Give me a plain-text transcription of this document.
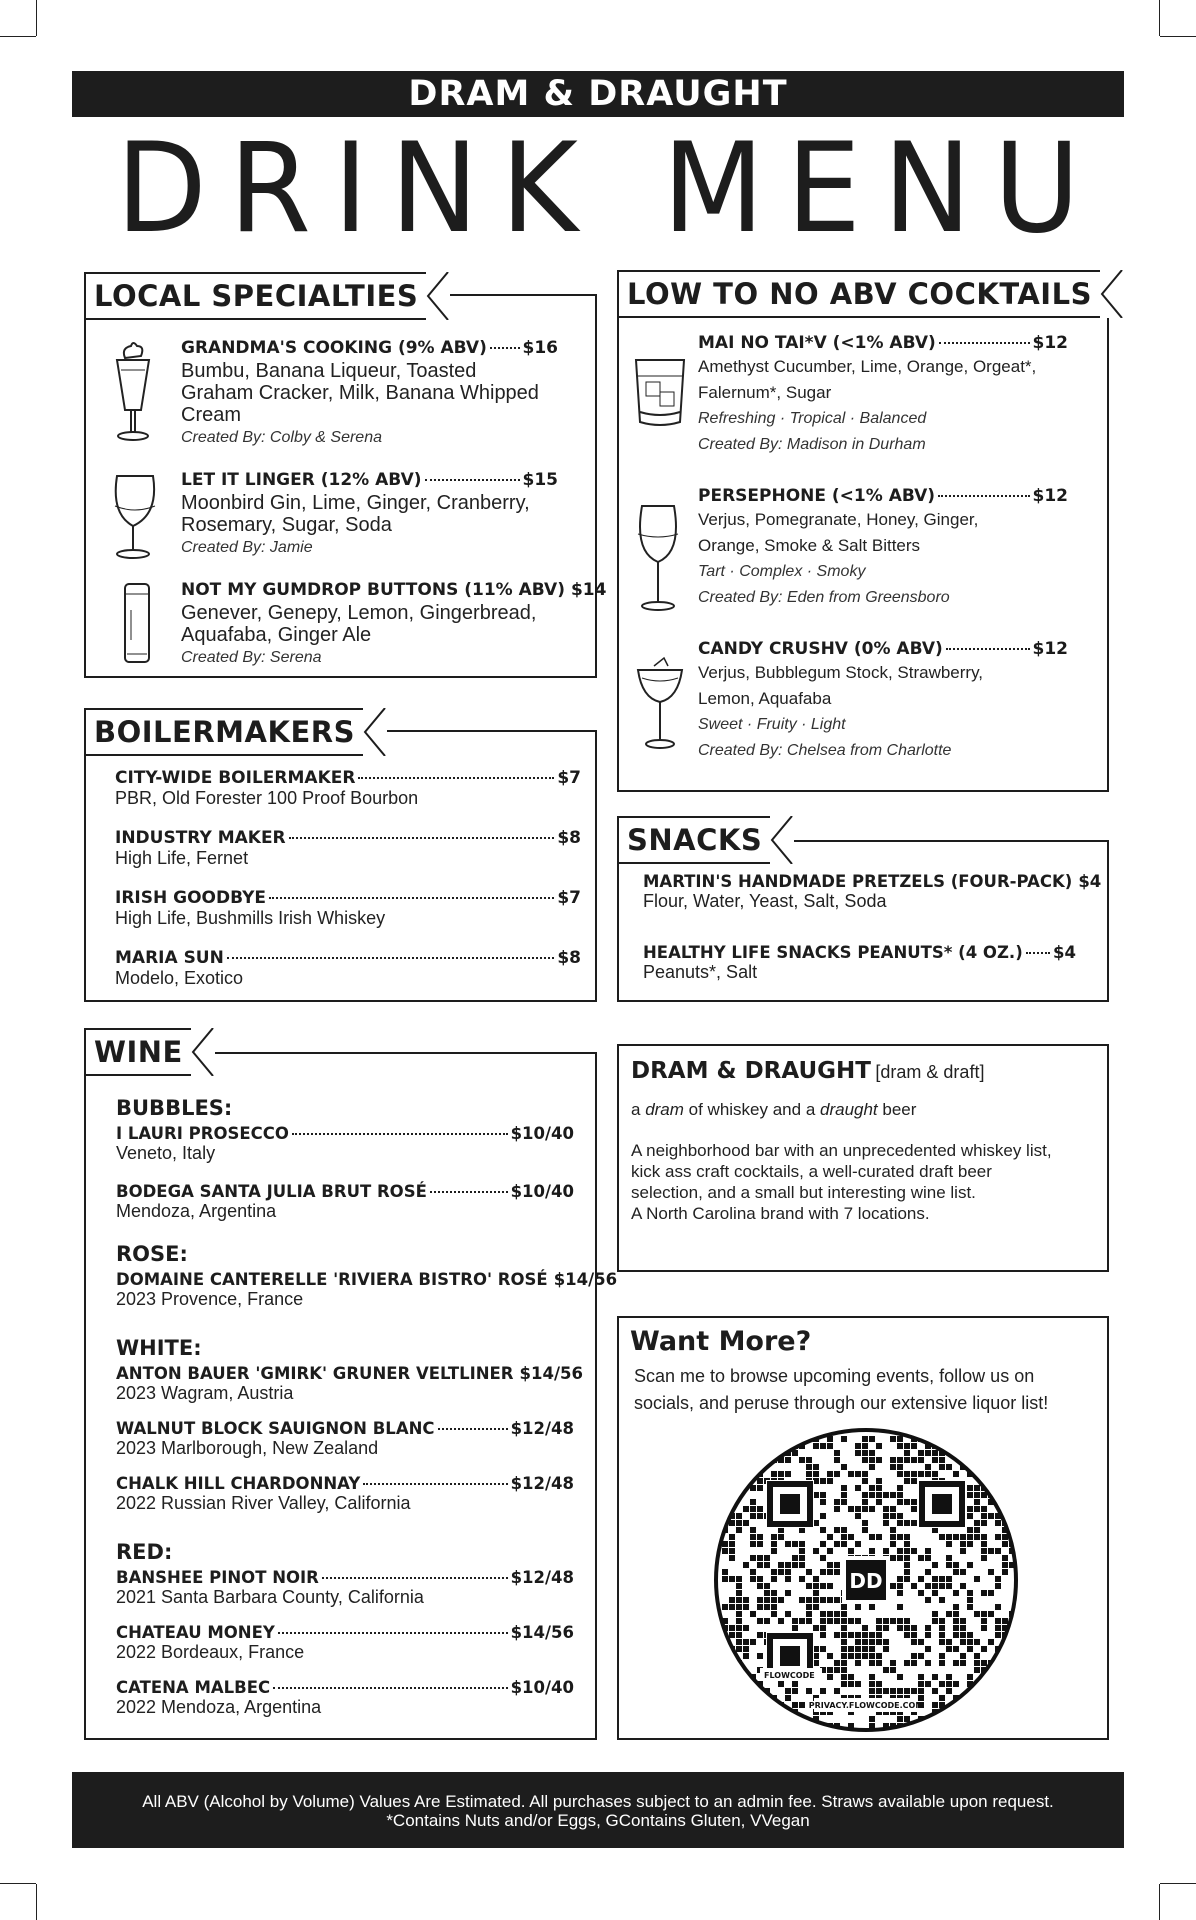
DRAM & DRAUGHT
D R I N K M E N U
LOCAL SPECIALTIES
GRANDMA'S COOKING (9% ABV) $16
Bumbu, Banana Liqueur, Toasted
Graham Cracker, Milk, Banana Whipped
Cream
Created By: Colby & Serena
LET IT LINGER (12% ABV)	$15
Moonbird Gin, Lime, Ginger, Cranberry,
Rosemary, Sugar, Soda
Created By: Jamie
NOT MY GUMDROP BUTTONS (11% ABV) $14
Genever, Genepy, Lemon, Gingerbread,
Aquafaba, Ginger Ale
Created By: Serena
LOW TO NO ABV COCKTAILS
MAI NO TAI*V (<1% ABV)	$12
Amethyst Cucumber, Lime, Orange, Orgeat*,
Falernum*, Sugar
Refreshing · Tropical · Balanced
Created By: Madison in Durham
PERSEPHONE (<1% ABV)	$12
Verjus, Pomegranate, Honey, Ginger,
Orange, Smoke & Salt Bitters
Tart · Complex · Smoky
Created By: Eden from Greensboro
CANDY CRUSHV (0% ABV)	$12
Verjus, Bubblegum Stock, Strawberry,
Lemon, Aquafaba
Sweet · Fruity · Light
Created By: Chelsea from Charlotte
BOILERMAKERS
CITY-WIDE BOILERMAKER	$7
PBR, Old Forester 100 Proof Bourbon
INDUSTRY MAKER	$8
High Life, Fernet
IRISH GOODBYE	$7
High Life, Bushmills Irish Whiskey
MARIA SUN	$8
Modelo, Exotico
SNACKS
MARTIN'S HANDMADE PRETZELS (FOUR-PACK) $4
Flour, Water, Yeast, Salt, Soda
HEALTHY LIFE SNACKS PEANUTS* (4 OZ.) $4
Peanuts*, Salt
WINE
BUBBLES:
I LAURI PROSECCO	$10/40
Veneto, Italy
BODEGA SANTA JULIA BRUT ROSÉ	$10/40
Mendoza, Argentina
ROSE:
DOMAINE CANTERELLE 'RIVIERA BISTRO' ROSÉ $14/56
2023 Provence, France
WHITE:
ANTON BAUER 'GMIRK' GRUNER VELTLINER $14/56
2023 Wagram, Austria
WALNUT BLOCK SAUIGNON BLANC	$12/48
2023 Marlborough, New Zealand
CHALK HILL CHARDONNAY	$12/48
2022 Russian River Valley, California
RED:
BANSHEE PINOT NOIR	$12/48
2021 Santa Barbara County, California
CHATEAU MONEY	$14/56
2022 Bordeaux, France
CATENA MALBEC	$10/40
2022 Mendoza, Argentina
DRAM & DRAUGHT [dram & draft]
a dram of whiskey and a draught beer
A neighborhood bar with an unprecedented whiskey list,
kick ass craft cocktails, a well-curated draft beer
selection, and a small but interesting wine list.
A North Carolina brand with 7 locations.
Want More?
Scan me to browse upcoming events, follow us on
socials, and peruse through our extensive liquor list!
DD
FLOWCODE
PRIVACY.FLOWCODE.COM
All ABV (Alcohol by Volume) Values Are Estimated. All purchases subject to an admin fee. Straws available upon request.
*Contains Nuts and/or Eggs, GContains Gluten, VVegan
